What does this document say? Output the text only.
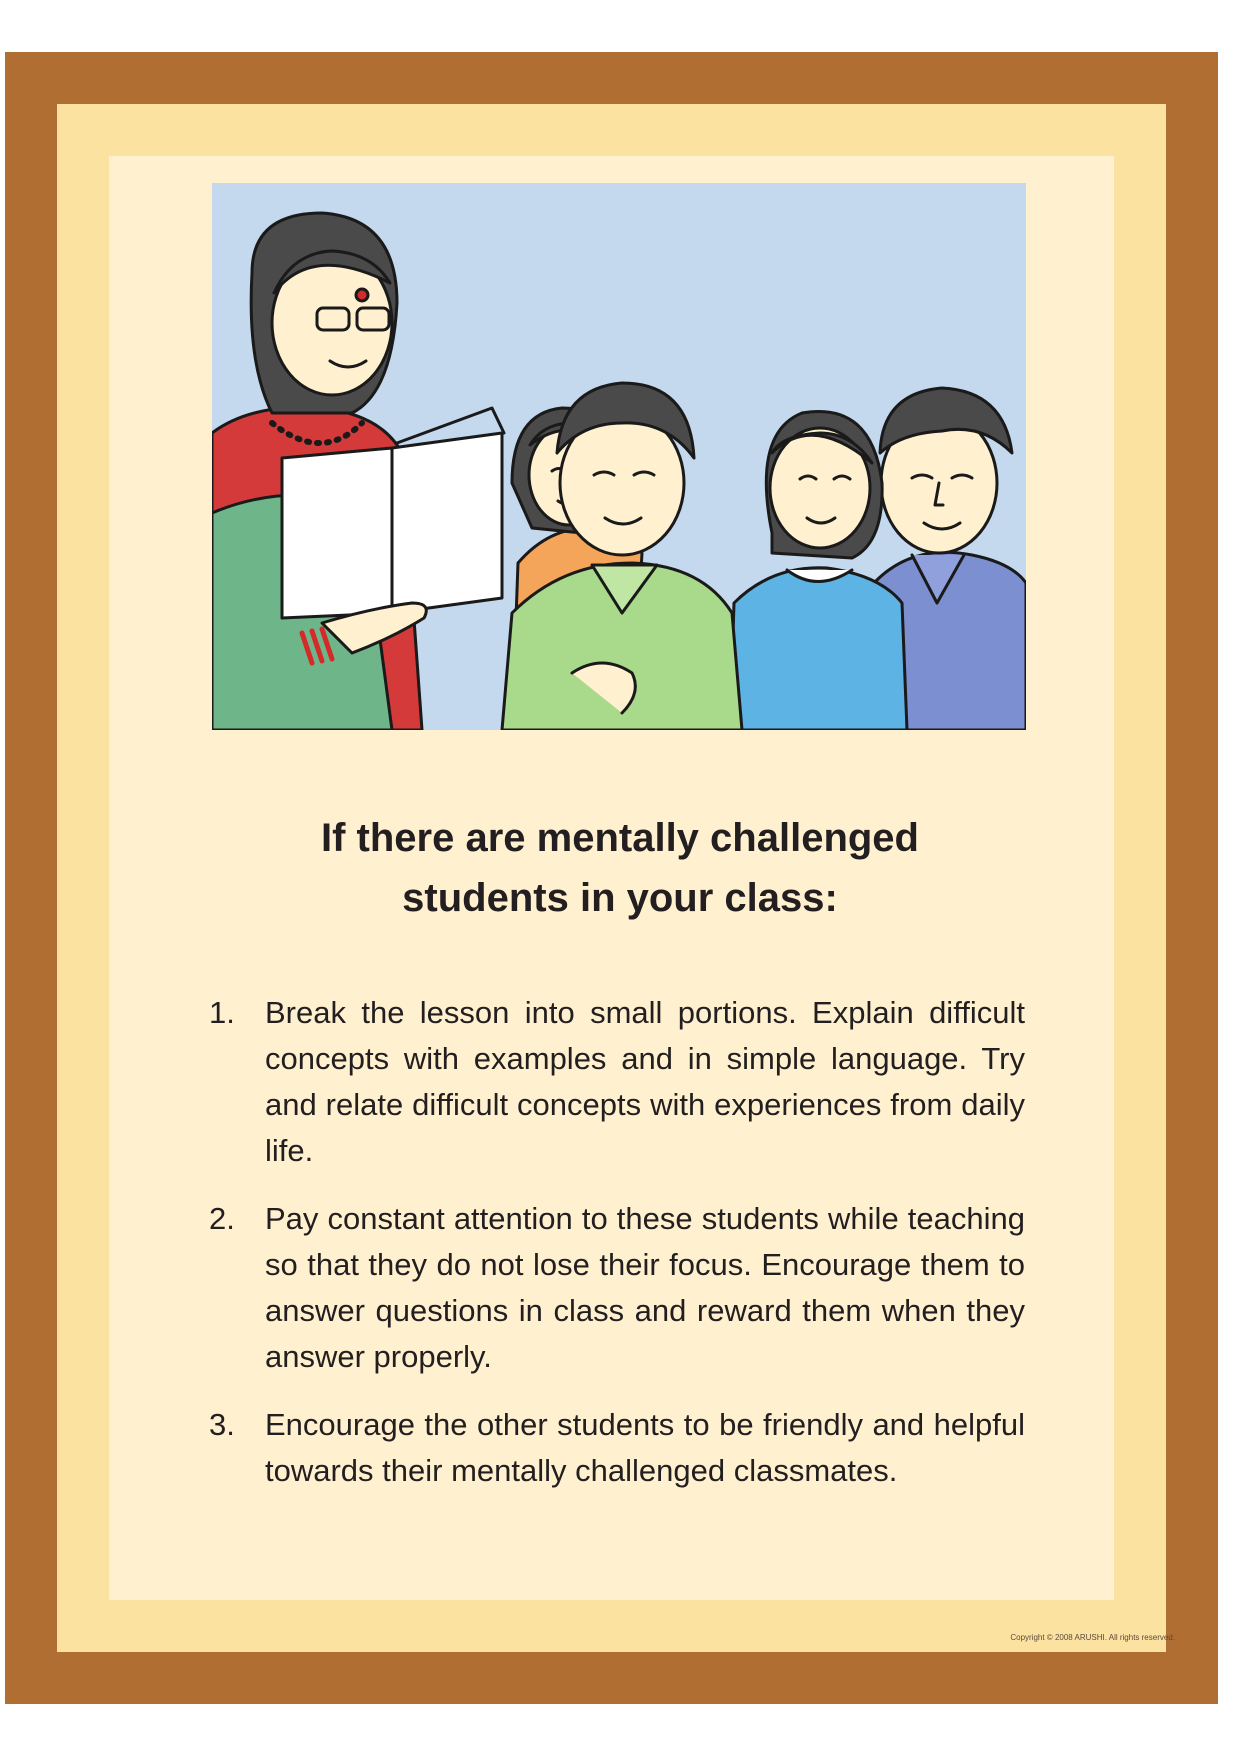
If there are mentally challenged
students in your class:
1. Break the lesson into small portions. Explain difficult concepts with examples and in simple language. Try and relate difficult concepts with experiences from daily life.
2. Pay constant attention to these students while teaching so that they do not lose their focus. Encourage them to answer questions in class and reward them when they answer properly.
3. Encourage the other students to be friendly and helpful towards their mentally challenged classmates.
Copyright © 2008 ARUSHI. All rights reserved.
